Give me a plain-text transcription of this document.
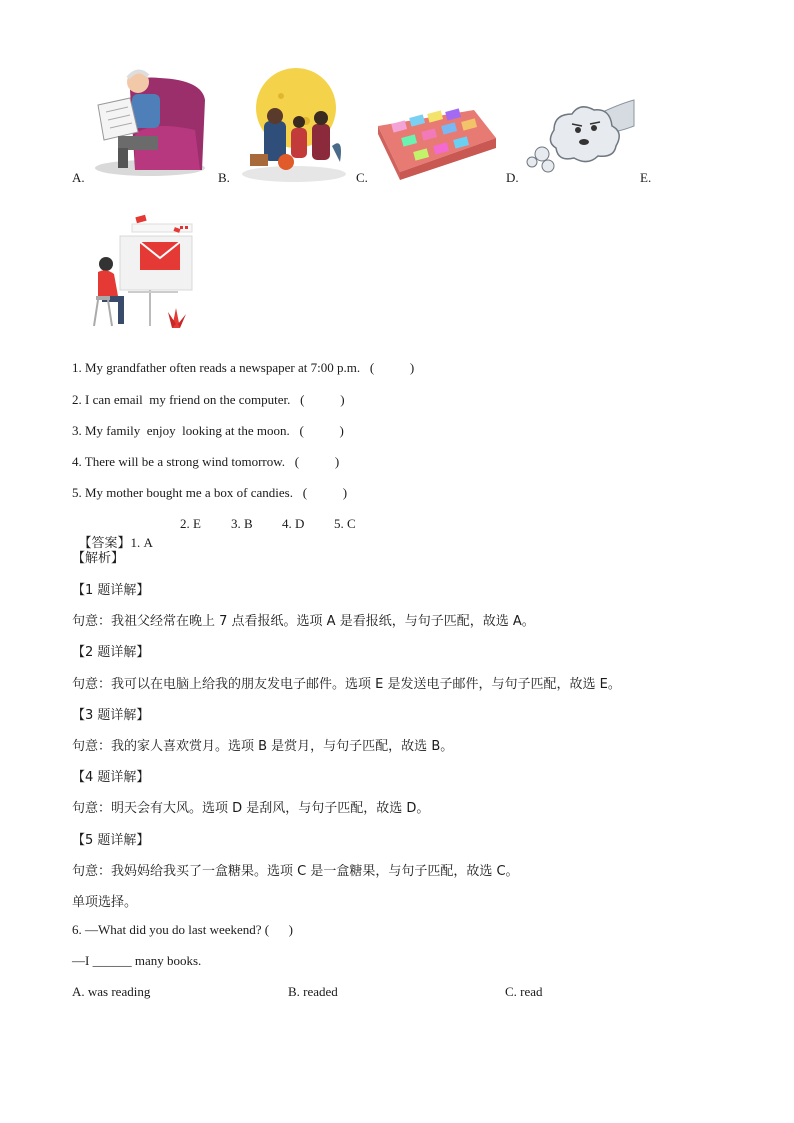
A.	B.	C.	D.	E.
1. My grandfather often reads a newspaper at 7:00 p.m.   (           )
2. I can email  my friend on the computer.   (           )
3. My family  enjoy  looking at the moon.   (           )
4. There will be a strong wind tomorrow.   (           )
5. My mother bought me a box of candies.   (           )

【答案】1. A

2. E 3. B 4. D 5. C
【解析】
【1 题详解】
句意：我祖父经常在晚上 7 点看报纸。选项 A 是看报纸，与句子匹配，故选 A。
【2 题详解】
句意：我可以在电脑上给我的朋友发电子邮件。选项 E 是发送电子邮件，与句子匹配，故选 E。
【3 题详解】
句意：我的家人喜欢赏月。选项 B 是赏月，与句子匹配，故选 B。
【4 题详解】
句意：明天会有大风。选项 D 是刮风，与句子匹配，故选 D。
【5 题详解】
句意：我妈妈给我买了一盒糖果。选项 C 是一盒糖果，与句子匹配，故选 C。
单项选择。
6. —What did you do last weekend? (      )
—I ______ many books.
A. was reading	B. readed	C. read
